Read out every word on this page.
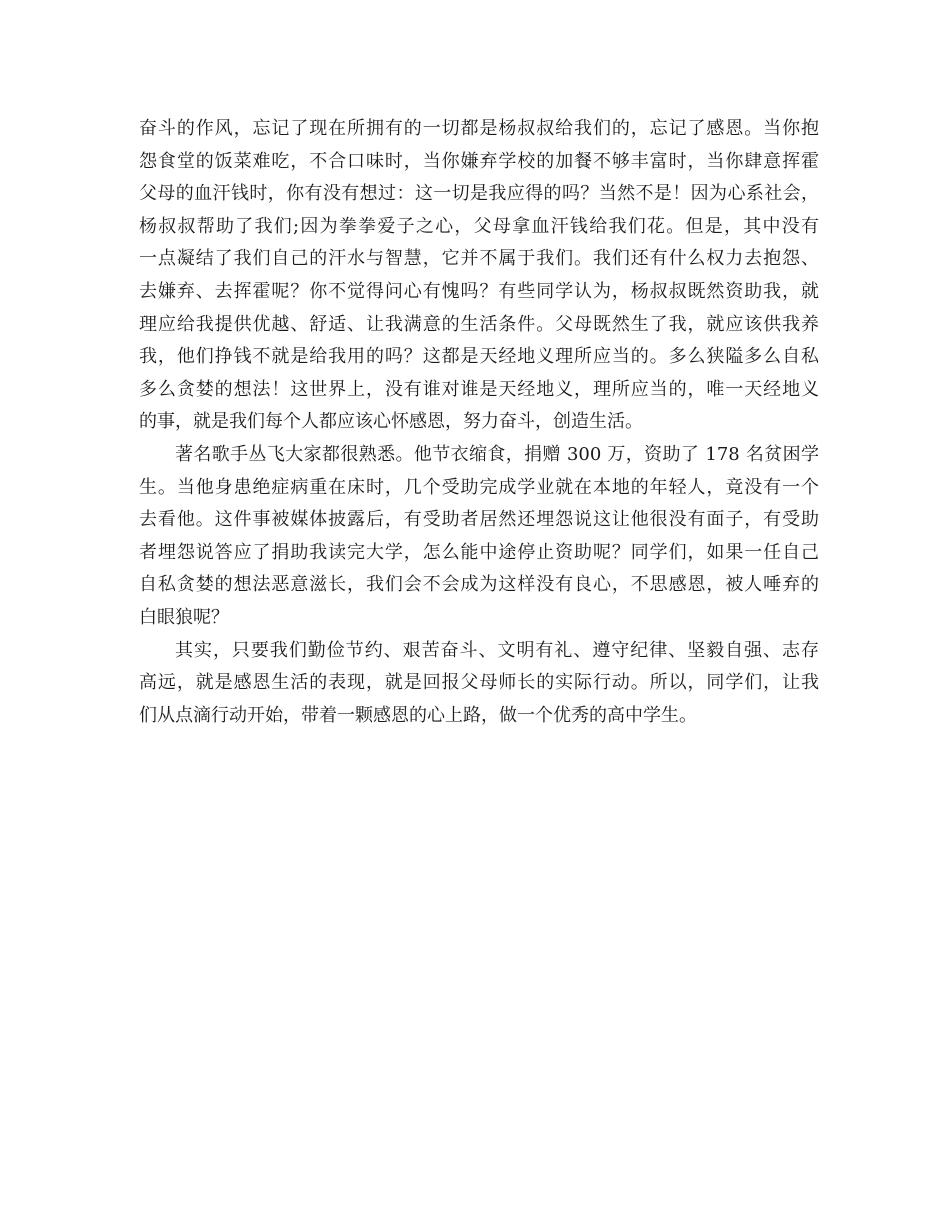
奋斗的作风，忘记了现在所拥有的一切都是杨叔叔给我们的，忘记了感恩。当你抱
怨食堂的饭菜难吃，不合口味时，当你嫌弃学校的加餐不够丰富时，当你肆意挥霍
父母的血汗钱时，你有没有想过：这一切是我应得的吗？当然不是！因为心系社会，
杨叔叔帮助了我们;因为拳拳爱子之心，父母拿血汗钱给我们花。但是，其中没有
一点凝结了我们自己的汗水与智慧，它并不属于我们。我们还有什么权力去抱怨、
去嫌弃、去挥霍呢？你不觉得问心有愧吗？有些同学认为，杨叔叔既然资助我，就
理应给我提供优越、舒适、让我满意的生活条件。父母既然生了我，就应该供我养
我，他们挣钱不就是给我用的吗？这都是天经地义理所应当的。多么狭隘多么自私
多么贪婪的想法！这世界上，没有谁对谁是天经地义，理所应当的，唯一天经地义
的事，就是我们每个人都应该心怀感恩，努力奋斗，创造生活。
著名歌手丛飞大家都很熟悉。他节衣缩食，捐赠 300 万，资助了 178 名贫困学
生。当他身患绝症病重在床时，几个受助完成学业就在本地的年轻人，竟没有一个
去看他。这件事被媒体披露后，有受助者居然还埋怨说这让他很没有面子，有受助
者埋怨说答应了捐助我读完大学，怎么能中途停止资助呢？同学们，如果一任自己
自私贪婪的想法恶意滋长，我们会不会成为这样没有良心，不思感恩，被人唾弃的
白眼狼呢？
其实，只要我们勤俭节约、艰苦奋斗、文明有礼、遵守纪律、坚毅自强、志存
高远，就是感恩生活的表现，就是回报父母师长的实际行动。所以，同学们，让我
们从点滴行动开始，带着一颗感恩的心上路，做一个优秀的高中学生。
